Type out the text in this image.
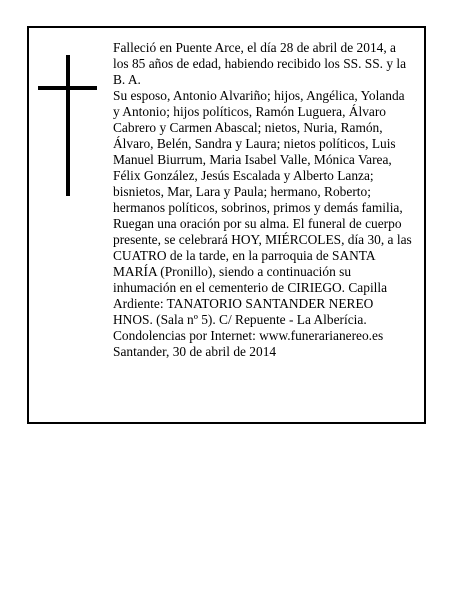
Falleció en Puente Arce, el día 28 de abril de 2014, a
los 85 años de edad, habiendo recibido los SS. SS. y la
B. A.
Su esposo, Antonio Alvariño; hijos, Angélica, Yolanda
y Antonio; hijos políticos, Ramón Luguera, Álvaro
Cabrero y Carmen Abascal; nietos, Nuria, Ramón,
Álvaro, Belén, Sandra y Laura; nietos políticos, Luis
Manuel Biurrum, Maria Isabel Valle, Mónica Varea,
Félix González, Jesús Escalada y Alberto Lanza;
bisnietos, Mar, Lara y Paula; hermano, Roberto;
hermanos políticos, sobrinos, primos y demás familia,
Ruegan una oración por su alma. El funeral de cuerpo
presente, se celebrará HOY, MIÉRCOLES, día 30, a las
CUATRO de la tarde, en la parroquia de SANTA
MARÍA (Pronillo), siendo a continuación su
inhumación en el cementerio de CIRIEGO. Capilla
Ardiente: TANATORIO SANTANDER NEREO
HNOS. (Sala nº 5). C/ Repuente - La Alberícia.
Condolencias por Internet: www.funerarianereo.es
Santander, 30 de abril de 2014
